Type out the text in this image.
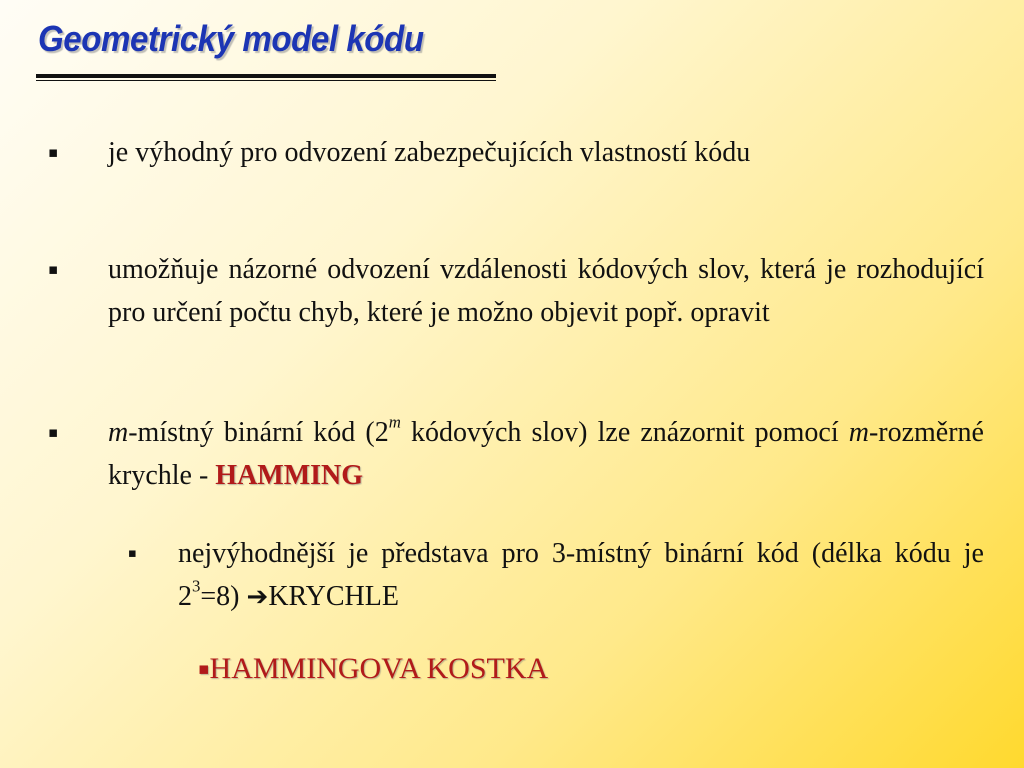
Geometrický model kódu
▪ je výhodný pro odvození zabezpečujících vlastností kódu
▪ umožňuje názorné odvození vzdálenosti kódových slov, která je rozhodující pro určení počtu chyb, které je možno objevit popř. opravit
▪ m-místný binární kód (2$^m$ kódových slov) lze znázornit pomocí m-rozměrné krychle - HAMMING
▪ nejvýhodnější je představa pro 3-místný binární kód (délka kódu je $2^3=8$) ➔KRYCHLE
▪HAMMINGOVA KOSTKA
